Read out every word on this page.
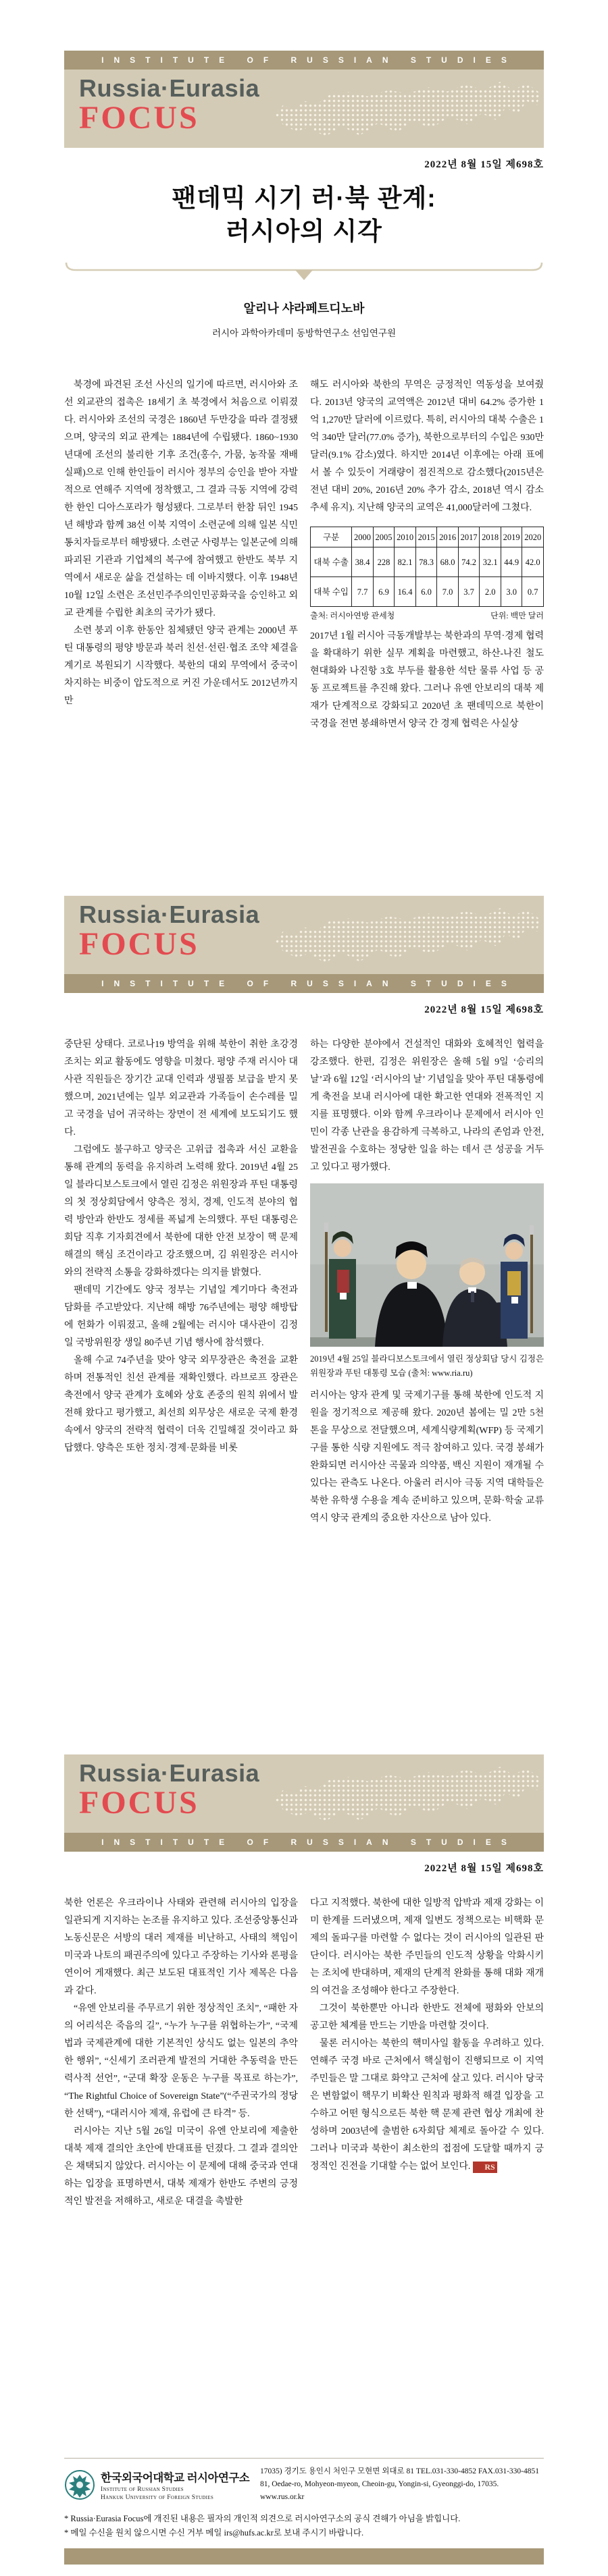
INSTITUTE OF RUSSIAN STUDIES
Russia·Eurasia
FOCUS
2022년 8월 15일 제698호
팬데믹 시기 러·북 관계:
러시아의 시각
알리나 샤라페트디노바
러시아 과학아카데미 동방학연구소 선임연구원

북경에 파견된 조선 사신의 일기에 따르면, 러시아와 조선 외교관의 접촉은 18세기 초 북경에서 처음으로 이뤄졌다. 러시아와 조선의 국경은 1860년 두만강을 따라 결정됐으며, 양국의 외교 관계는 1884년에 수립됐다. 1860~1930년대에 조선의 불리한 기후 조건(홍수, 가뭄, 농작물 재배 실패)으로 인해 한인들이 러시아 정부의 승인을 받아 자발적으로 연해주 지역에 정착했고, 그 결과 극동 지역에 강력한 한인 디아스포라가 형성됐다. 그로부터 한참 뒤인 1945년 해방과 함께 38선 이북 지역이 소련군에 의해 일본 식민 통치자들로부터 해방됐다. 소련군 사령부는 일본군에 의해 파괴된 기관과 기업체의 복구에 참여했고 한반도 북부 지역에서 새로운 삶을 건설하는 데 이바지했다. 이후 1948년 10월 12일 소련은 조선민주주의인민공화국을 승인하고 외교 관계를 수립한 최초의 국가가 됐다.

소련 붕괴 이후 한동안 침체됐던 양국 관계는 2000년 푸틴 대통령의 평양 방문과 북러 친선·선린·협조 조약 체결을 계기로 복원되기 시작했다. 북한의 대외 무역에서 중국이 차지하는 비중이 압도적으로 커진 가운데서도 2012년까지만

해도 러시아와 북한의 무역은 긍정적인 역동성을 보여줬다. 2013년 양국의 교역액은 2012년 대비 64.2% 증가한 1억 1,270만 달러에 이르렀다. 특히, 러시아의 대북 수출은 1억 340만 달러(77.0% 증가), 북한으로부터의 수입은 930만 달러(9.1% 감소)였다. 하지만 2014년 이후에는 아래 표에서 볼 수 있듯이 거래량이 점진적으로 감소했다(2015년은 전년 대비 20%, 2016년 20% 추가 감소, 2018년 역시 감소 추세 유지). 지난해 양국의 교역은 41,000달러에 그쳤다.

구분	2000	2005	2010	2015	2016	2017	2018	2019	2020
대북 수출	38.4	228	82.1	78.3	68.0	74.2	32.1	44.9	42.0
대북 수입	7.7	6.9	16.4	6.0	7.0	3.7	2.0	3.0	0.7
출처: 러시아연방 관세청	단위: 백만 달러

2017년 1월 러시아 극동개발부는 북한과의 무역·경제 협력을 확대하기 위한 실무 계획을 마련했고, 하산-나진 철도 현대화와 나진항 3호 부두를 활용한 석탄 물류 사업 등 공동 프로젝트를 추진해 왔다. 그러나 유엔 안보리의 대북 제재가 단계적으로 강화되고 2020년 초 팬데믹으로 북한이 국경을 전면 봉쇄하면서 양국 간 경제 협력은 사실상

Russia·Eurasia
FOCUS
INSTITUTE OF RUSSIAN STUDIES
2022년 8월 15일 제698호

중단된 상태다. 코로나19 방역을 위해 북한이 취한 초강경 조치는 외교 활동에도 영향을 미쳤다. 평양 주재 러시아 대사관 직원들은 장기간 교대 인력과 생필품 보급을 받지 못했으며, 2021년에는 일부 외교관과 가족들이 손수레를 밀고 국경을 넘어 귀국하는 장면이 전 세계에 보도되기도 했다.

그럼에도 불구하고 양국은 고위급 접촉과 서신 교환을 통해 관계의 동력을 유지하려 노력해 왔다. 2019년 4월 25일 블라디보스토크에서 열린 김정은 위원장과 푸틴 대통령의 첫 정상회담에서 양측은 정치, 경제, 인도적 분야의 협력 방안과 한반도 정세를 폭넓게 논의했다. 푸틴 대통령은 회담 직후 기자회견에서 북한에 대한 안전 보장이 핵 문제 해결의 핵심 조건이라고 강조했으며, 김 위원장은 러시아와의 전략적 소통을 강화하겠다는 의지를 밝혔다.

팬데믹 기간에도 양국 정부는 기념일 계기마다 축전과 담화를 주고받았다. 지난해 해방 76주년에는 평양 해방탑에 헌화가 이뤄졌고, 올해 2월에는 러시아 대사관이 김정일 국방위원장 생일 80주년 기념 행사에 참석했다.

올해 수교 74주년을 맞아 양국 외무장관은 축전을 교환하며 전통적인 친선 관계를 재확인했다. 라브로프 장관은 축전에서 양국 관계가 호혜와 상호 존중의 원칙 위에서 발전해 왔다고 평가했고, 최선희 외무상은 새로운 국제 환경 속에서 양국의 전략적 협력이 더욱 긴밀해질 것이라고 화답했다. 양측은 또한 정치·경제·문화를 비롯

하는 다양한 분야에서 건설적인 대화와 호혜적인 협력을 강조했다. 한편, 김정은 위원장은 올해 5월 9일 ‘승리의 날’과 6월 12일 ‘러시아의 날’ 기념일을 맞아 푸틴 대통령에게 축전을 보내 러시아에 대한 확고한 연대와 전폭적인 지지를 표명했다. 이와 함께 우크라이나 문제에서 러시아 인민이 각종 난관을 용감하게 극복하고, 나라의 존엄과 안전, 발전권을 수호하는 정당한 일을 하는 데서 큰 성공을 거두고 있다고 평가했다.

2019년 4월 25일 블라디보스토크에서 열린 정상회담 당시 김정은 위원장과 푸틴 대통령 모습 (출처: www.ria.ru)

러시아는 양자 관계 및 국제기구를 통해 북한에 인도적 지원을 정기적으로 제공해 왔다. 2020년 봄에는 밀 2만 5천 톤을 무상으로 전달했으며, 세계식량계획(WFP) 등 국제기구를 통한 식량 지원에도 적극 참여하고 있다. 국경 봉쇄가 완화되면 러시아산 곡물과 의약품, 백신 지원이 재개될 수 있다는 관측도 나온다. 아울러 러시아 극동 지역 대학들은 북한 유학생 수용을 계속 준비하고 있으며, 문화·학술 교류 역시 양국 관계의 중요한 자산으로 남아 있다.

Russia·Eurasia
FOCUS
INSTITUTE OF RUSSIAN STUDIES
2022년 8월 15일 제698호

북한 언론은 우크라이나 사태와 관련해 러시아의 입장을 일관되게 지지하는 논조를 유지하고 있다. 조선중앙통신과 노동신문은 서방의 대러 제재를 비난하고, 사태의 책임이 미국과 나토의 패권주의에 있다고 주장하는 기사와 론평을 연이어 게재했다. 최근 보도된 대표적인 기사 제목은 다음과 같다.

“유엔 안보리를 주무르기 위한 정상적인 조치”, “패한 자의 어리석은 죽음의 길”, “누가 누구를 위협하는가”, “국제법과 국제관계에 대한 기본적인 상식도 없는 일본의 추악한 행위”, “신세기 조러관계 발전의 거대한 추동력을 만든 력사적 선언”, “군대 확장 운동은 누구를 목표로 하는가”, “The Rightful Choice of Sovereign State”(“주권국가의 정당한 선택”), “대러시아 제재, 유럽에 큰 타격” 등.

러시아는 지난 5월 26일 미국이 유엔 안보리에 제출한 대북 제재 결의안 초안에 반대표를 던졌다. 그 결과 결의안은 채택되지 않았다. 러시아는 이 문제에 대해 중국과 연대하는 입장을 표명하면서, 대북 제재가 한반도 주변의 긍정적인 발전을 저해하고, 새로운 대결을 촉발한

다고 지적했다. 북한에 대한 일방적 압박과 제재 강화는 이미 한계를 드러냈으며, 제재 일변도 정책으로는 비핵화 문제의 돌파구를 마련할 수 없다는 것이 러시아의 일관된 판단이다. 러시아는 북한 주민들의 인도적 상황을 악화시키는 조치에 반대하며, 제재의 단계적 완화를 통해 대화 재개의 여건을 조성해야 한다고 주장한다.

그것이 북한뿐만 아니라 한반도 전체에 평화와 안보의 공고한 체계를 만드는 기반을 마련할 것이다.

물론 러시아는 북한의 핵미사일 활동을 우려하고 있다. 연해주 국경 바로 근처에서 핵실험이 진행되므로 이 지역 주민들은 말 그대로 화약고 근처에 살고 있다. 러시아 당국은 변함없이 핵무기 비확산 원칙과 평화적 해결 입장을 고수하고 어떤 형식으로든 북한 핵 문제 관련 협상 개최에 찬성하며 2003년에 출범한 6자회담 체제로 돌아갈 수 있다. 그러나 미국과 북한이 최소한의 접점에 도달할 때까지 긍정적인 진전을 기대할 수는 없어 보인다. RS

한국외국어대학교 러시아연구소
Institute of Russian Studies
Hankuk University of Foreign Studies
17035) 경기도 용인시 처인구 모현면 외대로 81 TEL.031-330-4852 FAX.031-330-4851
81, Oedae-ro, Mohyeon-myeon, Cheoin-gu, Yongin-si, Gyeonggi-do, 17035. www.rus.or.kr
* Russia·Eurasia Focus에 개진된 내용은 필자의 개인적 의견으로 러시아연구소의 공식 견해가 아님을 밝힙니다.
* 메일 수신을 원치 않으시면 수신 거부 메일 irs@hufs.ac.kr로 보내 주시기 바랍니다.
